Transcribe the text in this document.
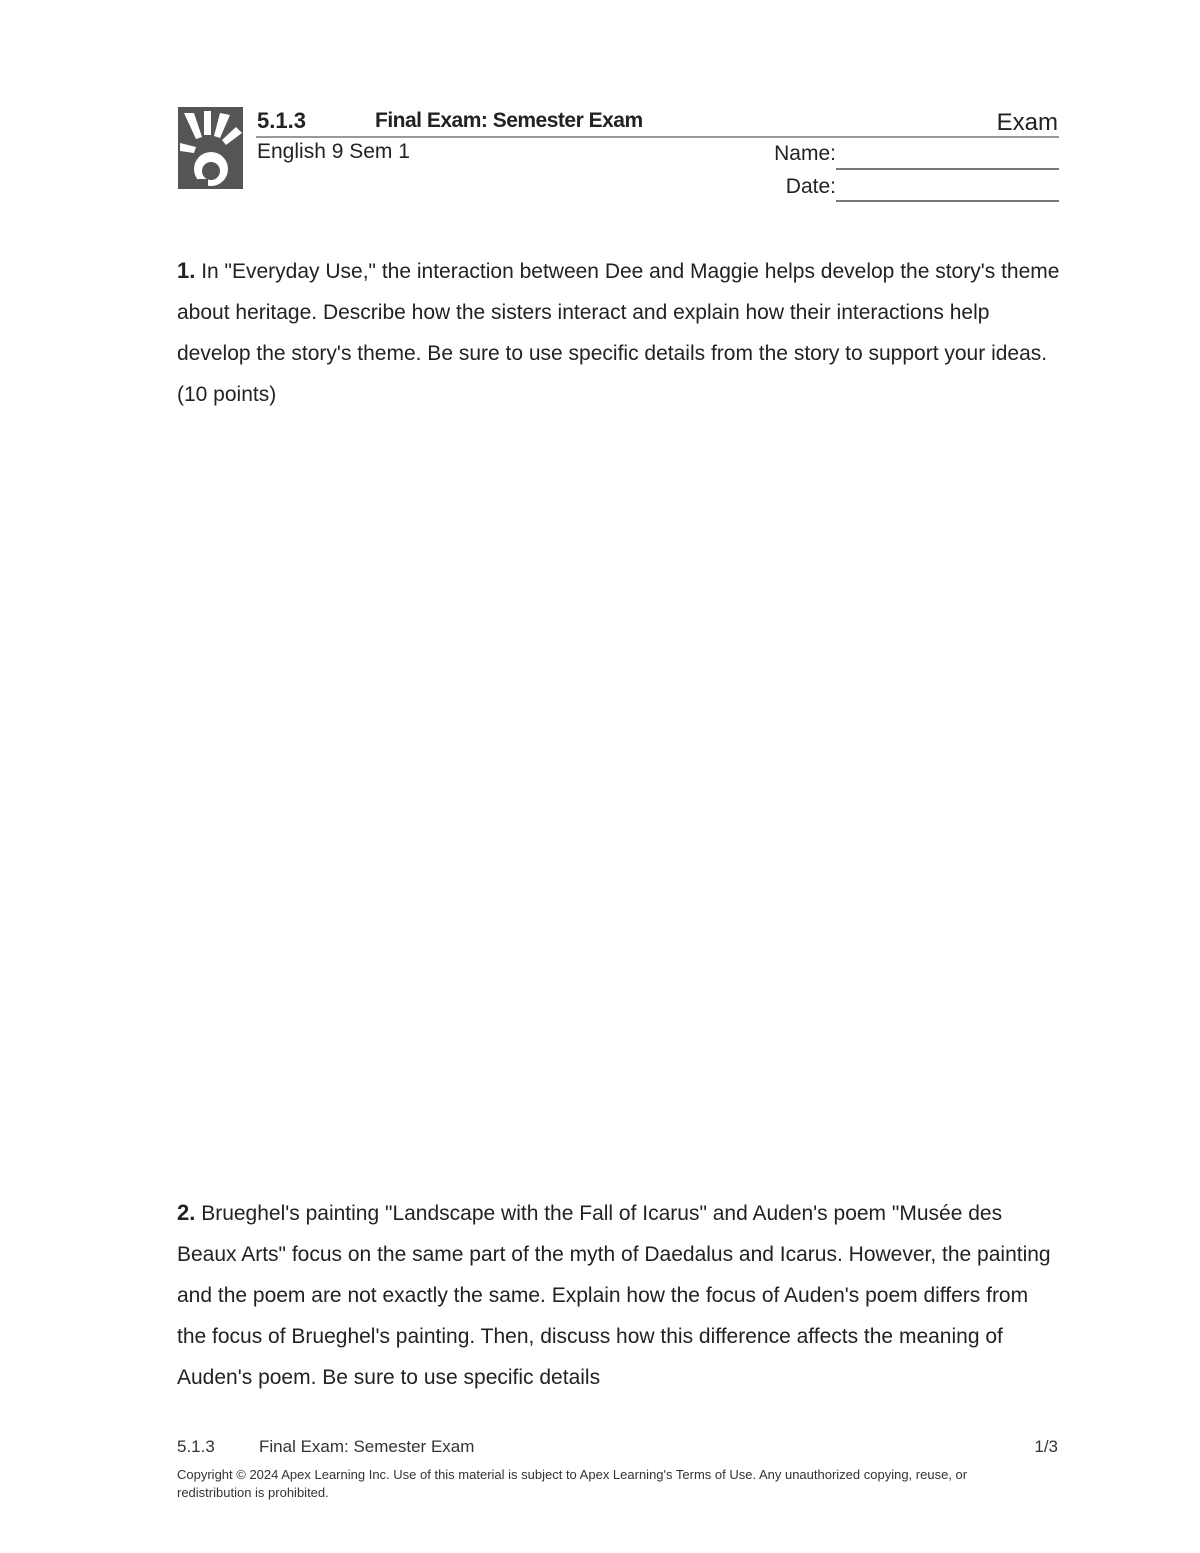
5.1.3	Final Exam: Semester Exam	Exam
English 9 Sem 1	Name:
Date:
1. In "Everyday Use," the interaction between Dee and Maggie helps develop the story's theme about heritage. Describe how the sisters interact and explain how their interactions help develop the story's theme. Be sure to use specific details from the story to support your ideas. (10 points)
2. Brueghel's painting "Landscape with the Fall of Icarus" and Auden's poem "Musée des Beaux Arts" focus on the same part of the myth of Daedalus and Icarus. However, the painting and the poem are not exactly the same. Explain how the focus of Auden's poem differs from the focus of Brueghel's painting. Then, discuss how this difference affects the meaning of Auden's poem. Be sure to use specific details
5.1.3	Final Exam: Semester Exam	1/3
Copyright © 2024 Apex Learning Inc. Use of this material is subject to Apex Learning's Terms of Use. Any unauthorized copying, reuse, or redistribution is prohibited.
